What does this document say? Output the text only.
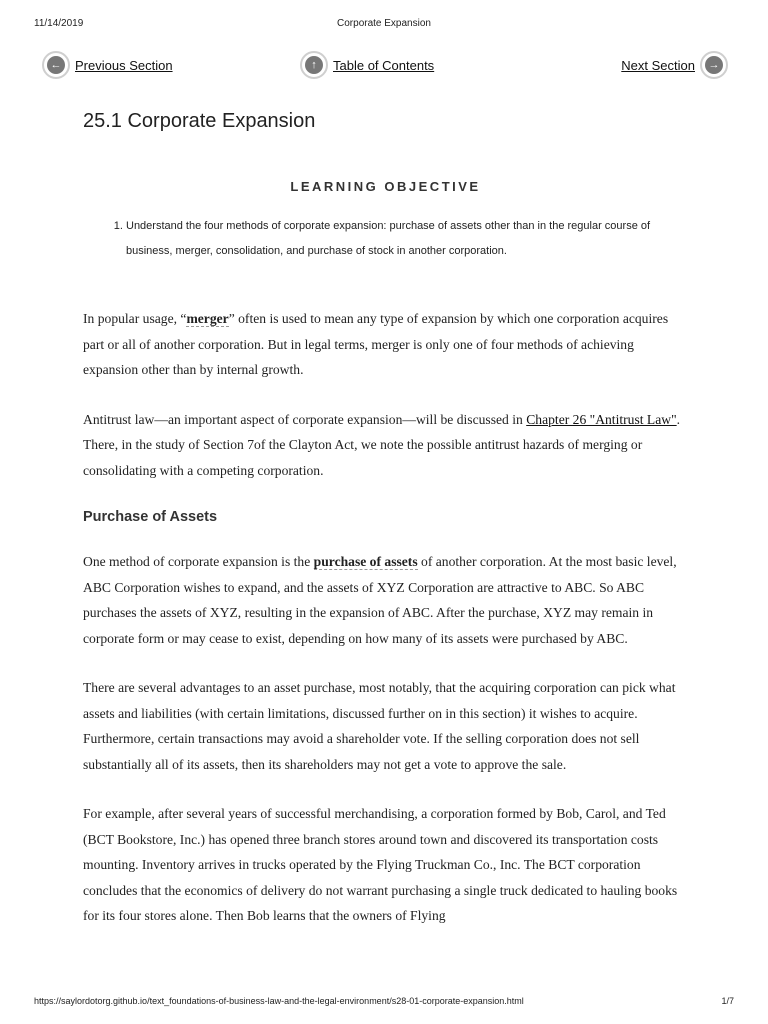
11/14/2019	Corporate Expansion
← Previous Section	↑	Table of Contents	Next Section	→
25.1 Corporate Expansion
LEARNING OBJECTIVE
1. Understand the four methods of corporate expansion: purchase of assets other than in the regular course of business, merger, consolidation, and purchase of stock in another corporation.

In popular usage, “merger” often is used to mean any type of expansion by which one corporation acquires part or all of another corporation. But in legal terms, merger is only one of four methods of achieving expansion other than by internal growth.

Antitrust law—an important aspect of corporate expansion—will be discussed in Chapter 26 "Antitrust Law". There, in the study of Section 7of the Clayton Act, we note the possible antitrust hazards of merging or consolidating with a competing corporation.

Purchase of Assets

One method of corporate expansion is the purchase of assets of another corporation. At the most basic level, ABC Corporation wishes to expand, and the assets of XYZ Corporation are attractive to ABC. So ABC purchases the assets of XYZ, resulting in the expansion of ABC. After the purchase, XYZ may remain in corporate form or may cease to exist, depending on how many of its assets were purchased by ABC.

There are several advantages to an asset purchase, most notably, that the acquiring corporation can pick what assets and liabilities (with certain limitations, discussed further on in this section) it wishes to acquire. Furthermore, certain transactions may avoid a shareholder vote. If the selling corporation does not sell substantially all of its assets, then its shareholders may not get a vote to approve the sale.

For example, after several years of successful merchandising, a corporation formed by Bob, Carol, and Ted (BCT Bookstore, Inc.) has opened three branch stores around town and discovered its transportation costs mounting. Inventory arrives in trucks operated by the Flying Truckman Co., Inc. The BCT corporation concludes that the economics of delivery do not warrant purchasing a single truck dedicated to hauling books for its four stores alone. Then Bob learns that the owners of Flying

https://saylordotorg.github.io/text_foundations-of-business-law-and-the-legal-environment/s28-01-corporate-expansion.html	1/7
